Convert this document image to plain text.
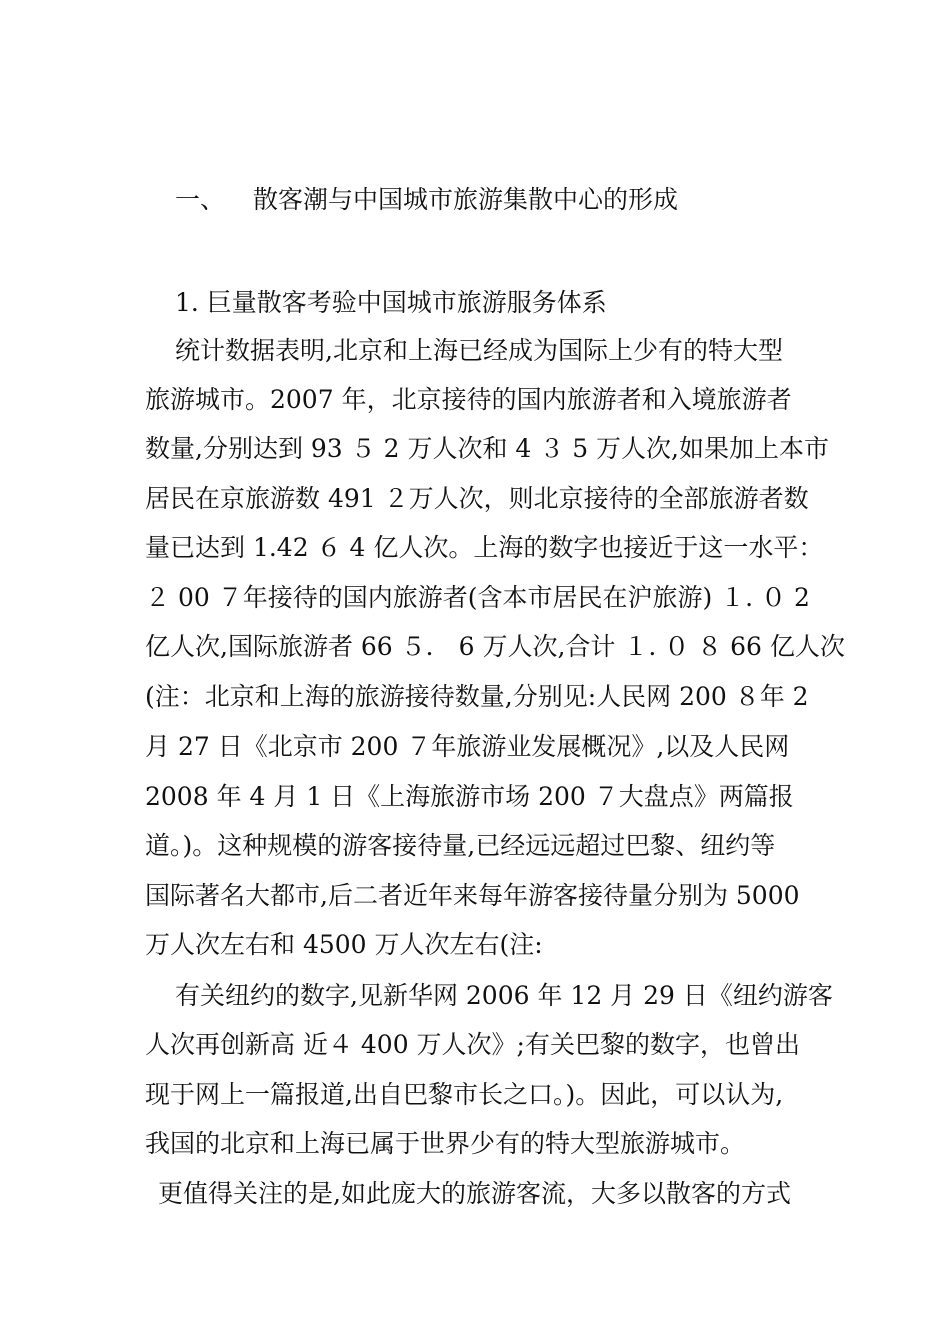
一、 散客潮与中国城市旅游集散中心的形成
1. 巨量散客考验中国城市旅游服务体系
统计数据表明,北京和上海已经成为国际上少有的特大型
旅游城市。2007 年，北京接待的国内旅游者和入境旅游者
数量,分别达到 93 ５ 2 万人次和 4 ３ 5 万人次,如果加上本市
居民在京旅游数 491 ２万人次，则北京接待的全部旅游者数
量已达到 1.42 ６ 4 亿人次。上海的数字也接近于这一水平：
２ 00 ７年接待的国内旅游者(含本市居民在沪旅游) １. ０ 2
亿人次,国际旅游者 66 ５． 6 万人次,合计 １. ０ ８ 66 亿人次
(注：北京和上海的旅游接待数量,分别见:人民网 200 ８年 2
月 27 日《北京市 200 ７年旅游业发展概况》,以及人民网
2008 年 4 月 1 日《上海旅游市场 200 ７大盘点》两篇报
道。)。这种规模的游客接待量,已经远远超过巴黎、纽约等
国际著名大都市,后二者近年来每年游客接待量分别为 5000
万人次左右和 4500 万人次左右(注:
有关纽约的数字,见新华网 2006 年 12 月 29 日《纽约游客
人次再创新高 近４ 400 万人次》;有关巴黎的数字，也曾出
现于网上一篇报道,出自巴黎市长之口。)。因此，可以认为,
我国的北京和上海已属于世界少有的特大型旅游城市。
更值得关注的是,如此庞大的旅游客流，大多以散客的方式
